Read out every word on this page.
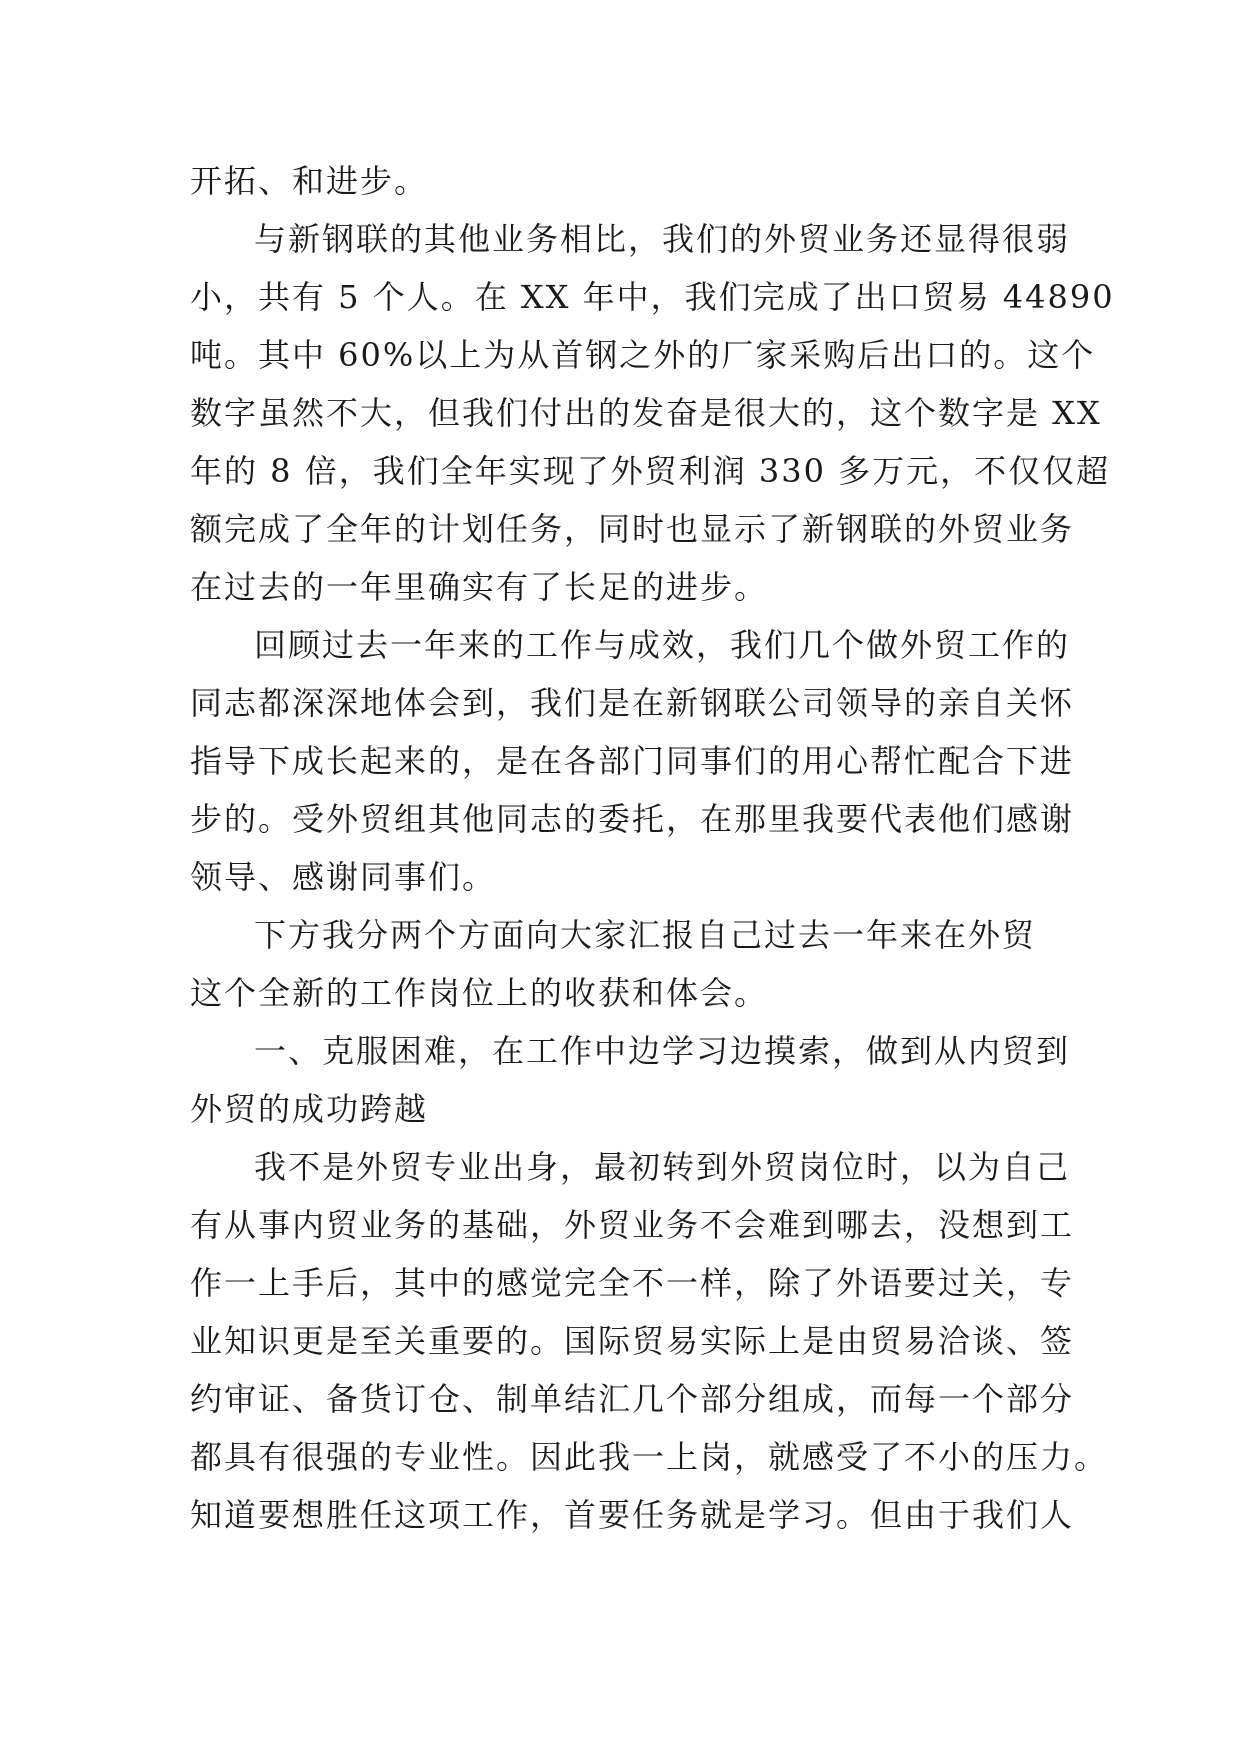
开拓、和进步。
与新钢联的其他业务相比，我们的外贸业务还显得很弱
小，共有 5 个人。在 XX 年中，我们完成了出口贸易 44890
吨。其中 60%以上为从首钢之外的厂家采购后出口的。这个
数字虽然不大，但我们付出的发奋是很大的，这个数字是 XX
年的 8 倍，我们全年实现了外贸利润 330 多万元，不仅仅超
额完成了全年的计划任务，同时也显示了新钢联的外贸业务
在过去的一年里确实有了长足的进步。
回顾过去一年来的工作与成效，我们几个做外贸工作的
同志都深深地体会到，我们是在新钢联公司领导的亲自关怀
指导下成长起来的，是在各部门同事们的用心帮忙配合下进
步的。受外贸组其他同志的委托，在那里我要代表他们感谢
领导、感谢同事们。
下方我分两个方面向大家汇报自己过去一年来在外贸
这个全新的工作岗位上的收获和体会。
一、克服困难，在工作中边学习边摸索，做到从内贸到
外贸的成功跨越
我不是外贸专业出身，最初转到外贸岗位时，以为自己
有从事内贸业务的基础，外贸业务不会难到哪去，没想到工
作一上手后，其中的感觉完全不一样，除了外语要过关，专
业知识更是至关重要的。国际贸易实际上是由贸易洽谈、签
约审证、备货订仓、制单结汇几个部分组成，而每一个部分
都具有很强的专业性。因此我一上岗，就感受了不小的压力。
知道要想胜任这项工作，首要任务就是学习。但由于我们人
